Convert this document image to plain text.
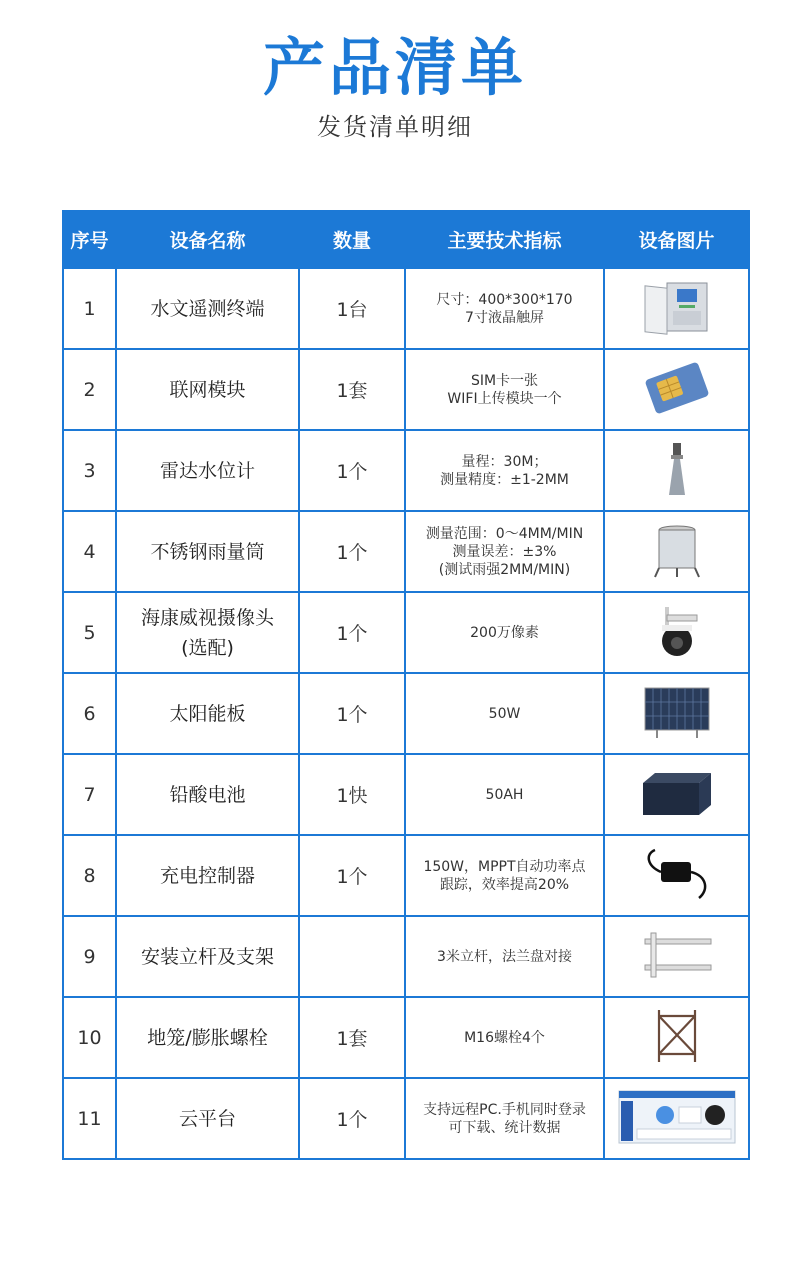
产品清单
发货清单明细
序号	设备名称	数量	主要技术指标	设备图片
1	水文遥测终端	1台	尺寸：400*300*170
7寸液晶触屏

2	联网模块	1套	SIM卡一张
WIFI上传模块一个

3	雷达水位计	1个	量程：30M；
测量精度：±1-2MM

4	不锈钢雨量筒	1个	测量范围：0～4MM/MIN
测量误差：±3%
(测试雨强2MM/MIN)

5	海康威视摄像头
(选配)	1个	200万像素

6	太阳能板	1个	50W

7	铅酸电池	1快	50AH

8	充电控制器	1个	150W，MPPT自动功率点
跟踪，效率提高20%

9	安装立杆及支架		3米立杆，法兰盘对接

10	地笼/膨胀螺栓	1套	M16螺栓4个

11	云平台	1个	支持远程PC.手机同时登录
可下载、统计数据
